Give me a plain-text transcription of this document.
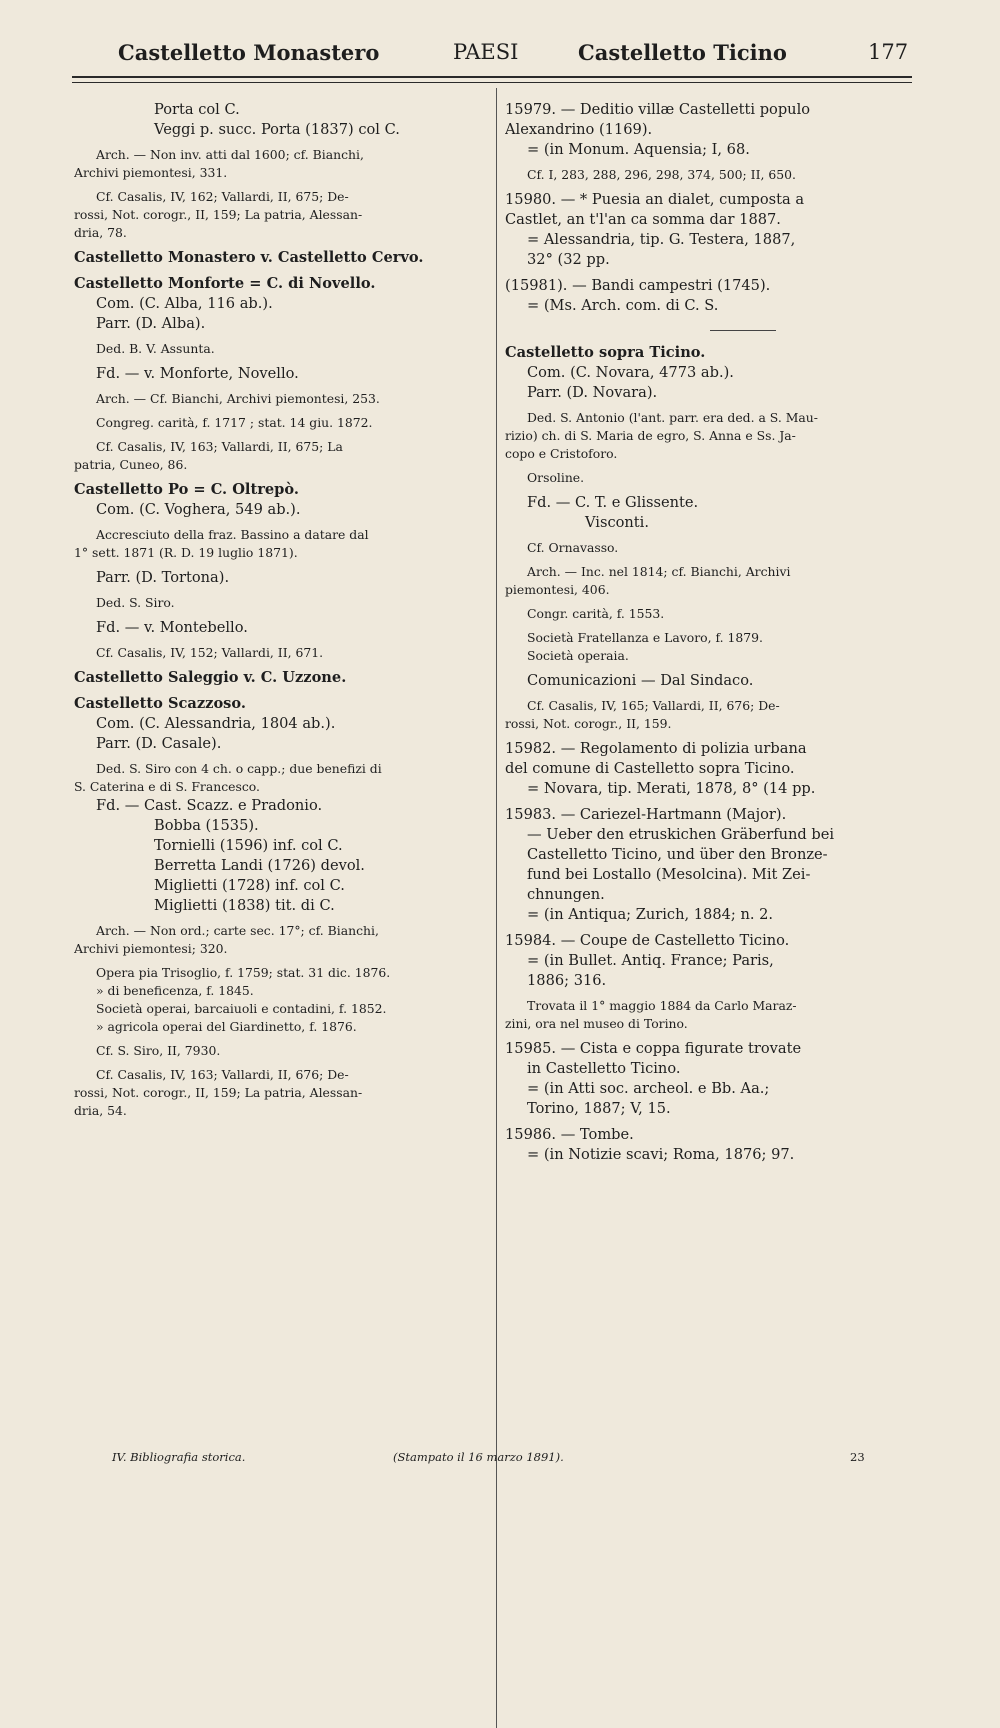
Castelletto Monastero	PAESI	Castelletto Ticino	177

Porta col C.

Veggi p. succ. Porta (1837) col C.

Arch. — Non inv. atti dal 1600; cf. Bianchi,

Archivi piemontesi, 331.

Cf. Casalis, IV, 162; Vallardi, II, 675; De-

rossi, Not. corogr., II, 159; La patria, Alessan-

dria, 78.

Castelletto Monastero v. Castelletto Cervo.

Castelletto Monforte = C. di Novello.

Com. (C. Alba, 116 ab.).

Parr. (D. Alba).

Ded. B. V. Assunta.

Fd. — v. Monforte, Novello.

Arch. — Cf. Bianchi, Archivi piemontesi, 253.

Congreg. carità, f. 1717 ; stat. 14 giu. 1872.

Cf. Casalis, IV, 163; Vallardi, II, 675; La

patria, Cuneo, 86.

Castelletto Po = C. Oltrepò.

Com. (C. Voghera, 549 ab.).

Accresciuto della fraz. Bassino a datare dal

1° sett. 1871 (R. D. 19 luglio 1871).

Parr. (D. Tortona).

Ded. S. Siro.

Fd. — v. Montebello.

Cf. Casalis, IV, 152; Vallardi, II, 671.

Castelletto Saleggio v. C. Uzzone.

Castelletto Scazzoso.

Com. (C. Alessandria, 1804 ab.).

Parr. (D. Casale).

Ded. S. Siro con 4 ch. o capp.; due benefizi di

S. Caterina e di S. Francesco.

Fd. — Cast. Scazz. e Pradonio.

Bobba (1535).

Tornielli (1596) inf. col C.

Berretta Landi (1726) devol.

Miglietti (1728) inf. col C.

Miglietti (1838) tit. di C.

Arch. — Non ord.; carte sec. 17°; cf. Bianchi,

Archivi piemontesi; 320.

Opera pia Trisoglio, f. 1759; stat. 31 dic. 1876.

» di beneficenza, f. 1845.

Società operai, barcaiuoli e contadini, f. 1852.

» agricola operai del Giardinetto, f. 1876.

Cf. S. Siro, II, 7930.

Cf. Casalis, IV, 163; Vallardi, II, 676; De-

rossi, Not. corogr., II, 159; La patria, Alessan-

dria, 54.

15979. — Deditio villæ Castelletti populo

Alexandrino (1169).

= (in Monum. Aquensia; I, 68.

Cf. I, 283, 288, 296, 298, 374, 500; II, 650.

15980. — * Puesia an dialet, cumposta a

Castlet, an t'l'an ca somma dar 1887.

= Alessandria, tip. G. Testera, 1887,

32° (32 pp.

(15981). — Bandi campestri (1745).

= (Ms. Arch. com. di C. S.

Castelletto sopra Ticino.

Com. (C. Novara, 4773 ab.).

Parr. (D. Novara).

Ded. S. Antonio (l'ant. parr. era ded. a S. Mau-

rizio) ch. di S. Maria de egro, S. Anna e Ss. Ja-

copo e Cristoforo.

Orsoline.

Fd. — C. T. e Glissente.

Visconti.

Cf. Ornavasso.

Arch. — Inc. nel 1814; cf. Bianchi, Archivi

piemontesi, 406.

Congr. carità, f. 1553.

Società Fratellanza e Lavoro, f. 1879.

Società operaia.

Comunicazioni — Dal Sindaco.

Cf. Casalis, IV, 165; Vallardi, II, 676; De-

rossi, Not. corogr., II, 159.

15982. — Regolamento di polizia urbana

del comune di Castelletto sopra Ticino.

= Novara, tip. Merati, 1878, 8° (14 pp.

15983. — Cariezel-Hartmann (Major).

— Ueber den etruskichen Gräberfund bei

Castelletto Ticino, und über den Bronze-

fund bei Lostallo (Mesolcina). Mit Zei-

chnungen.

= (in Antiqua; Zurich, 1884; n. 2.

15984. — Coupe de Castelletto Ticino.

= (in Bullet. Antiq. France; Paris,

1886; 316.

Trovata il 1° maggio 1884 da Carlo Maraz-

zini, ora nel museo di Torino.

15985. — Cista e coppa figurate trovate

in Castelletto Ticino.

= (in Atti soc. archeol. e Bb. Aa.;

Torino, 1887; V, 15.

15986. — Tombe.

= (in Notizie scavi; Roma, 1876; 97.

IV. Bibliografia storica.	(Stampato il 16 marzo 1891).	23
